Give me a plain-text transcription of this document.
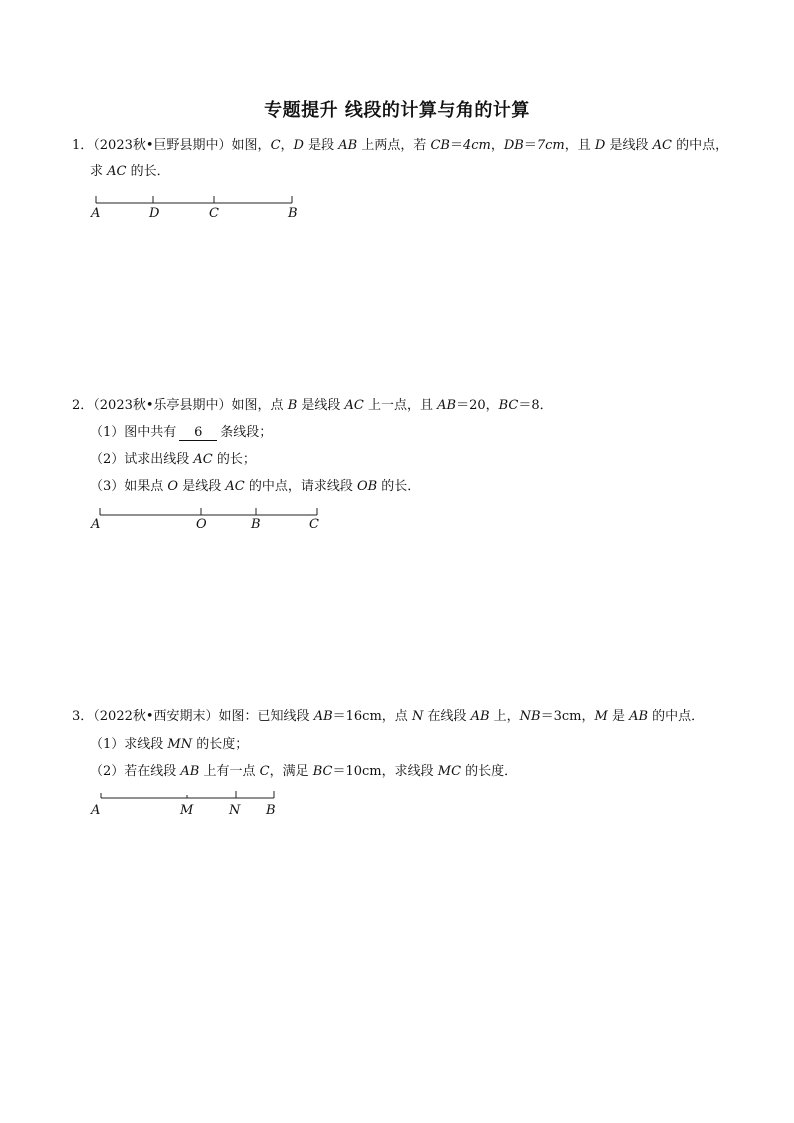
专题提升 线段的计算与角的计算
1．（2023秋•巨野县期中）如图，C，D 是段 AB 上两点，若 CB＝4cm，DB＝7cm，且 D 是线段 AC 的中点，
求 AC 的长．
A	D	C	B
2．（2023秋•乐亭县期中）如图，点 B 是线段 AC 上一点，且 AB＝20，BC＝8．
（1）图中共有 6 条线段；
（2）试求出线段 AC 的长；
（3）如果点 O 是线段 AC 的中点，请求线段 OB 的长．
A	O	B	C
3．（2022秋•西安期末）如图：已知线段 AB＝16cm，点 N 在线段 AB 上，NB＝3cm，M 是 AB 的中点．
（1）求线段 MN 的长度；
（2）若在线段 AB 上有一点 C，满足 BC＝10cm，求线段 MC 的长度．
A	M	N B
